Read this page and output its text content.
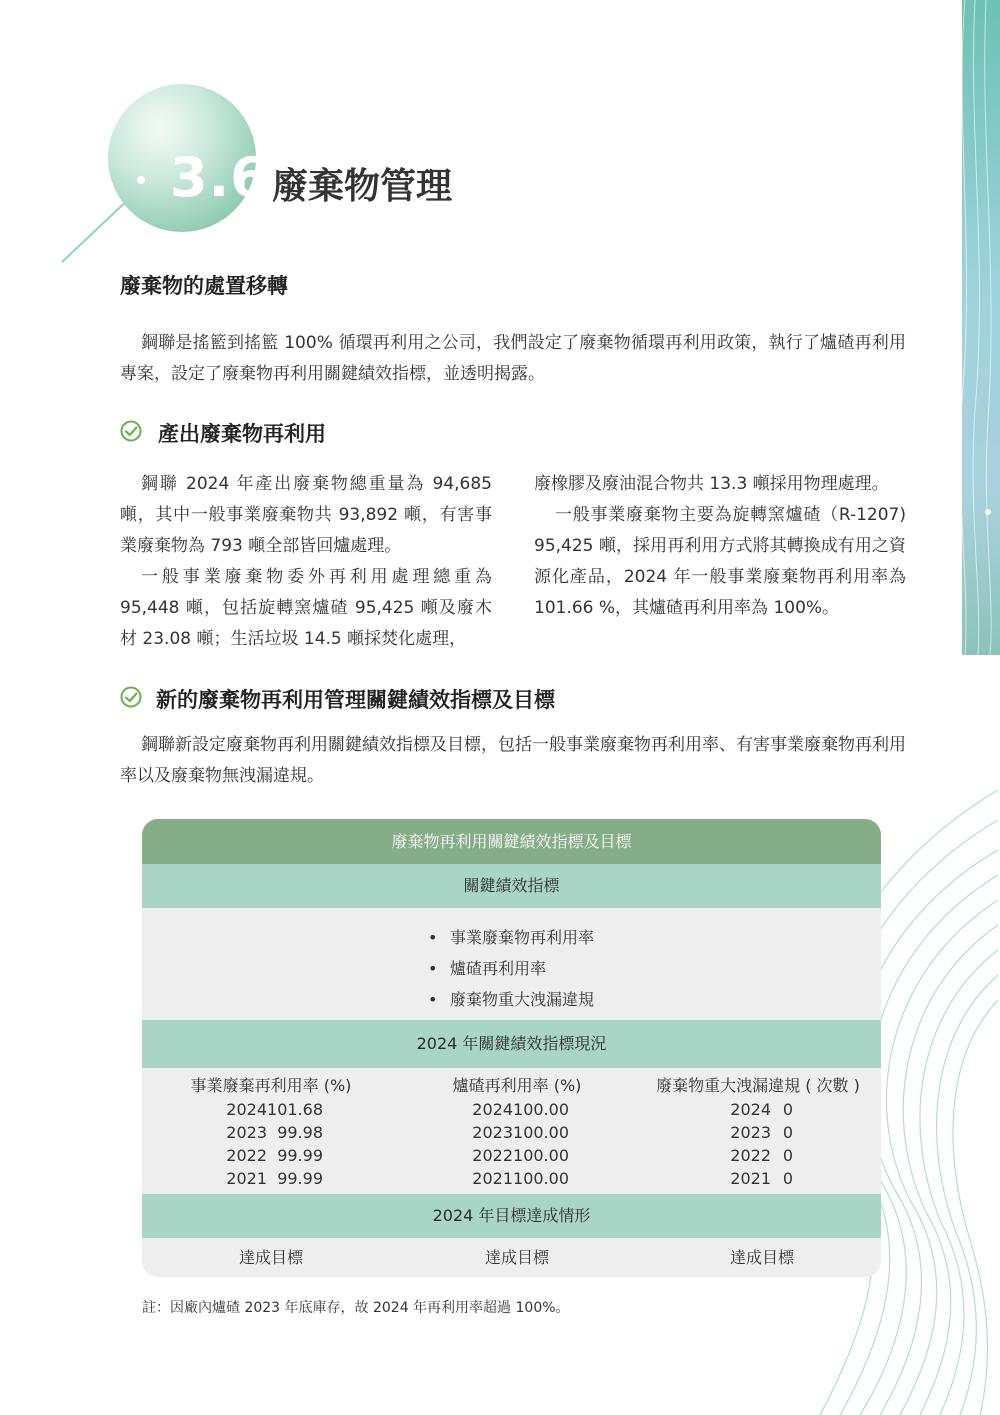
3.6 廢棄物管理
廢棄物的處置移轉
鋼聯是搖籃到搖籃 100% 循環再利用之公司，我們設定了廢棄物循環再利用政策，執行了爐碴再利用專案，設定了廢棄物再利用關鍵績效指標，並透明揭露。
產出廢棄物再利用

鋼聯 2024 年產出廢棄物總重量為 94,685 噸，其中一般事業廢棄物共 93,892 噸，有害事業廢棄物為 793 噸全部皆回爐處理。

一般事業廢棄物委外再利用處理總重為 95,448 噸，包括旋轉窯爐碴 95,425 噸及廢木材 23.08 噸；生活垃圾 14.5 噸採焚化處理，

廢橡膠及廢油混合物共 13.3 噸採用物理處理。

一般事業廢棄物主要為旋轉窯爐碴（R-1207) 95,425 噸，採用再利用方式將其轉換成有用之資源化產品，2024 年一般事業廢棄物再利用率為 101.66 %，其爐碴再利用率為 100%。

新的廢棄物再利用管理關鍵績效指標及目標
鋼聯新設定廢棄物再利用關鍵績效指標及目標，包括一般事業廢棄物再利用率、有害事業廢棄物再利用率以及廢棄物無洩漏違規。
廢棄物再利用關鍵績效指標及目標
關鍵績效指標
• 事業廢棄物再利用率
• 爐碴再利用率
• 廢棄物重大洩漏違規
2024 年關鍵績效指標現況
事業廢棄再利用率 (%)
2024101.68
2023 99.98
2022 99.99
2021 99.99
爐碴再利用率 (%)
2024100.00
2023100.00
2022100.00
2021100.00
廢棄物重大洩漏違規 ( 次數 )
2024 0
2023 0
2022 0
2021 0
2024 年目標達成情形
達成目標	達成目標	達成目標
註：因廠內爐碴 2023 年底庫存，故 2024 年再利用率超過 100%。
